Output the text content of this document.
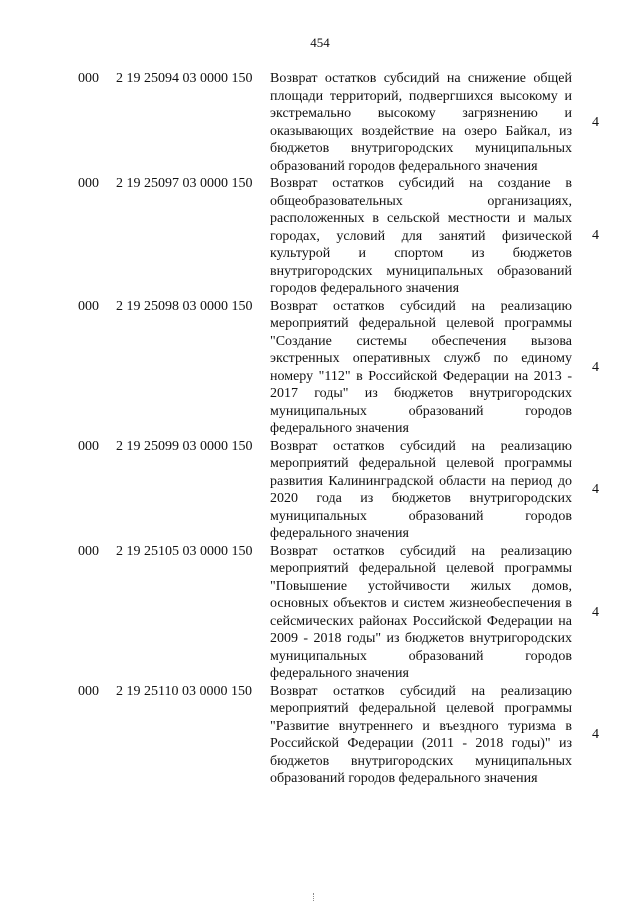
454
000 2 19 25094 03 0000 150 Возврат остатков субсидий на снижение общей площади территорий, подвергшихся высокому и экстремально высокому загрязнению и оказывающих воздействие на озеро Байкал, из бюджетов внутригородских муниципальных образований городов федерального значения
4
000 2 19 25097 03 0000 150 Возврат остатков субсидий на создание в общеобразовательных организациях, расположенных в сельской местности и малых городах, условий для занятий физической культурой и спортом из бюджетов внутригородских муниципальных образований городов федерального значения
4
000 2 19 25098 03 0000 150 Возврат остатков субсидий на реализацию мероприятий федеральной целевой программы "Создание системы обеспечения вызова экстренных оперативных служб по единому номеру "112" в Российской Федерации на 2013 - 2017 годы" из бюджетов внутригородских муниципальных образований городов федерального значения
4
000 2 19 25099 03 0000 150 Возврат остатков субсидий на реализацию мероприятий федеральной целевой программы развития Калининградской области на период до 2020 года из бюджетов внутригородских муниципальных образований городов федерального значения
4
000 2 19 25105 03 0000 150 Возврат остатков субсидий на реализацию мероприятий федеральной целевой программы "Повышение устойчивости жилых домов, основных объектов и систем жизнеобеспечения в сейсмических районах Российской Федерации на 2009 - 2018 годы" из бюджетов внутригородских муниципальных образований городов федерального значения
4
000 2 19 25110 03 0000 150 Возврат остатков субсидий на реализацию мероприятий федеральной целевой программы "Развитие внутреннего и въездного туризма в Российской Федерации (2011 - 2018 годы)" из бюджетов внутригородских муниципальных образований городов федерального значения
4
